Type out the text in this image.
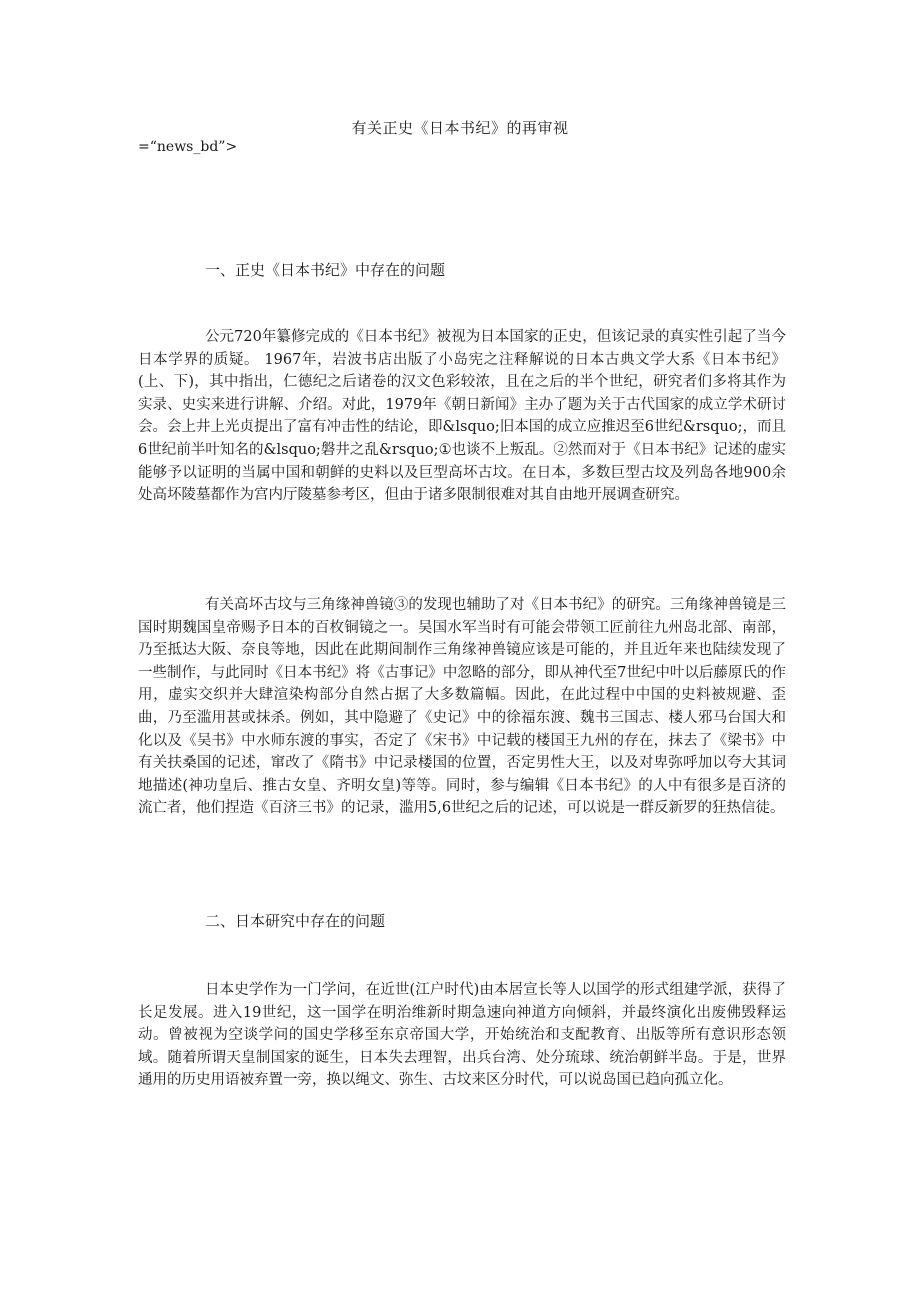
有关正史《日本书纪》的再审视
=“news_bd”>
一、正史《日本书纪》中存在的问题

公元720年纂修完成的《日本书纪》被视为日本国家的正史，但该记录的真实性引起了当今日本学界的质疑。 1967年，岩波书店出版了小岛宪之注释解说的日本古典文学大系《日本书纪》(上、下)，其中指出，仁德纪之后诸卷的汉文色彩较浓，且在之后的半个世纪，研究者们多将其作为实录、史实来进行讲解、介绍。对此，1979年《朝日新闻》主办了题为关于古代国家的成立学术研讨会。会上井上光贞提出了富有冲击性的结论，即&lsquo;旧本国的成立应推迟至6世纪&rsquo;，而且6世纪前半叶知名的&lsquo;磐井之乱&rsquo;①也谈不上叛乱。②然而对于《日本书纪》记述的虚实能够予以证明的当属中国和朝鲜的史料以及巨型高坏古坟。在日本，多数巨型古坟及列岛各地900余处高坏陵墓都作为宫内厅陵墓参考区，但由于诸多限制很难对其自由地开展调查研究。

有关高坏古坟与三角缘神兽镜③的发现也辅助了对《日本书纪》的研究。三角缘神兽镜是三国时期魏国皇帝赐予日本的百枚铜镜之一。吴国水军当时有可能会带领工匠前往九州岛北部、南部，乃至抵达大阪、奈良等地，因此在此期间制作三角缘神兽镜应该是可能的，并且近年来也陆续发现了一些制作，与此同时《日本书纪》将《古事记》中忽略的部分，即从神代至7世纪中叶以后藤原氏的作用，虚实交织并大肆渲染构部分自然占据了大多数篇幅。因此，在此过程中中国的史料被规避、歪曲，乃至滥用甚或抹杀。例如，其中隐避了《史记》中的徐福东渡、魏书三国志、楼人邪马台国大和化以及《吴书》中水师东渡的事实，否定了《宋书》中记载的楼国王九州的存在，抹去了《梁书》中有关扶桑国的记述，窜改了《隋书》中记录楼国的位置，否定男性大王，以及对卑弥呼加以夸大其词地描述(神功皇后、推古女皇、齐明女皇)等等。同时，参与编辑《日本书纪》的人中有很多是百济的流亡者，他们捏造《百济三书》的记录，滥用5,6世纪之后的记述，可以说是一群反新罗的狂热信徒。

二、日本研究中存在的问题

日本史学作为一门学问，在近世(江户时代)由本居宣长等人以国学的形式组建学派，获得了长足发展。进入19世纪，这一国学在明治维新时期急速向神道方向倾斜，并最终演化出废佛毁释运动。曾被视为空谈学问的国史学移至东京帝国大学，开始统治和支配教育、出版等所有意识形态领域。随着所谓天皇制国家的诞生，日本失去理智，出兵台湾、处分琉球、统治朝鲜半岛。于是，世界通用的历史用语被弃置一旁，换以绳文、弥生、古坟来区分时代，可以说岛国已趋向孤立化。
